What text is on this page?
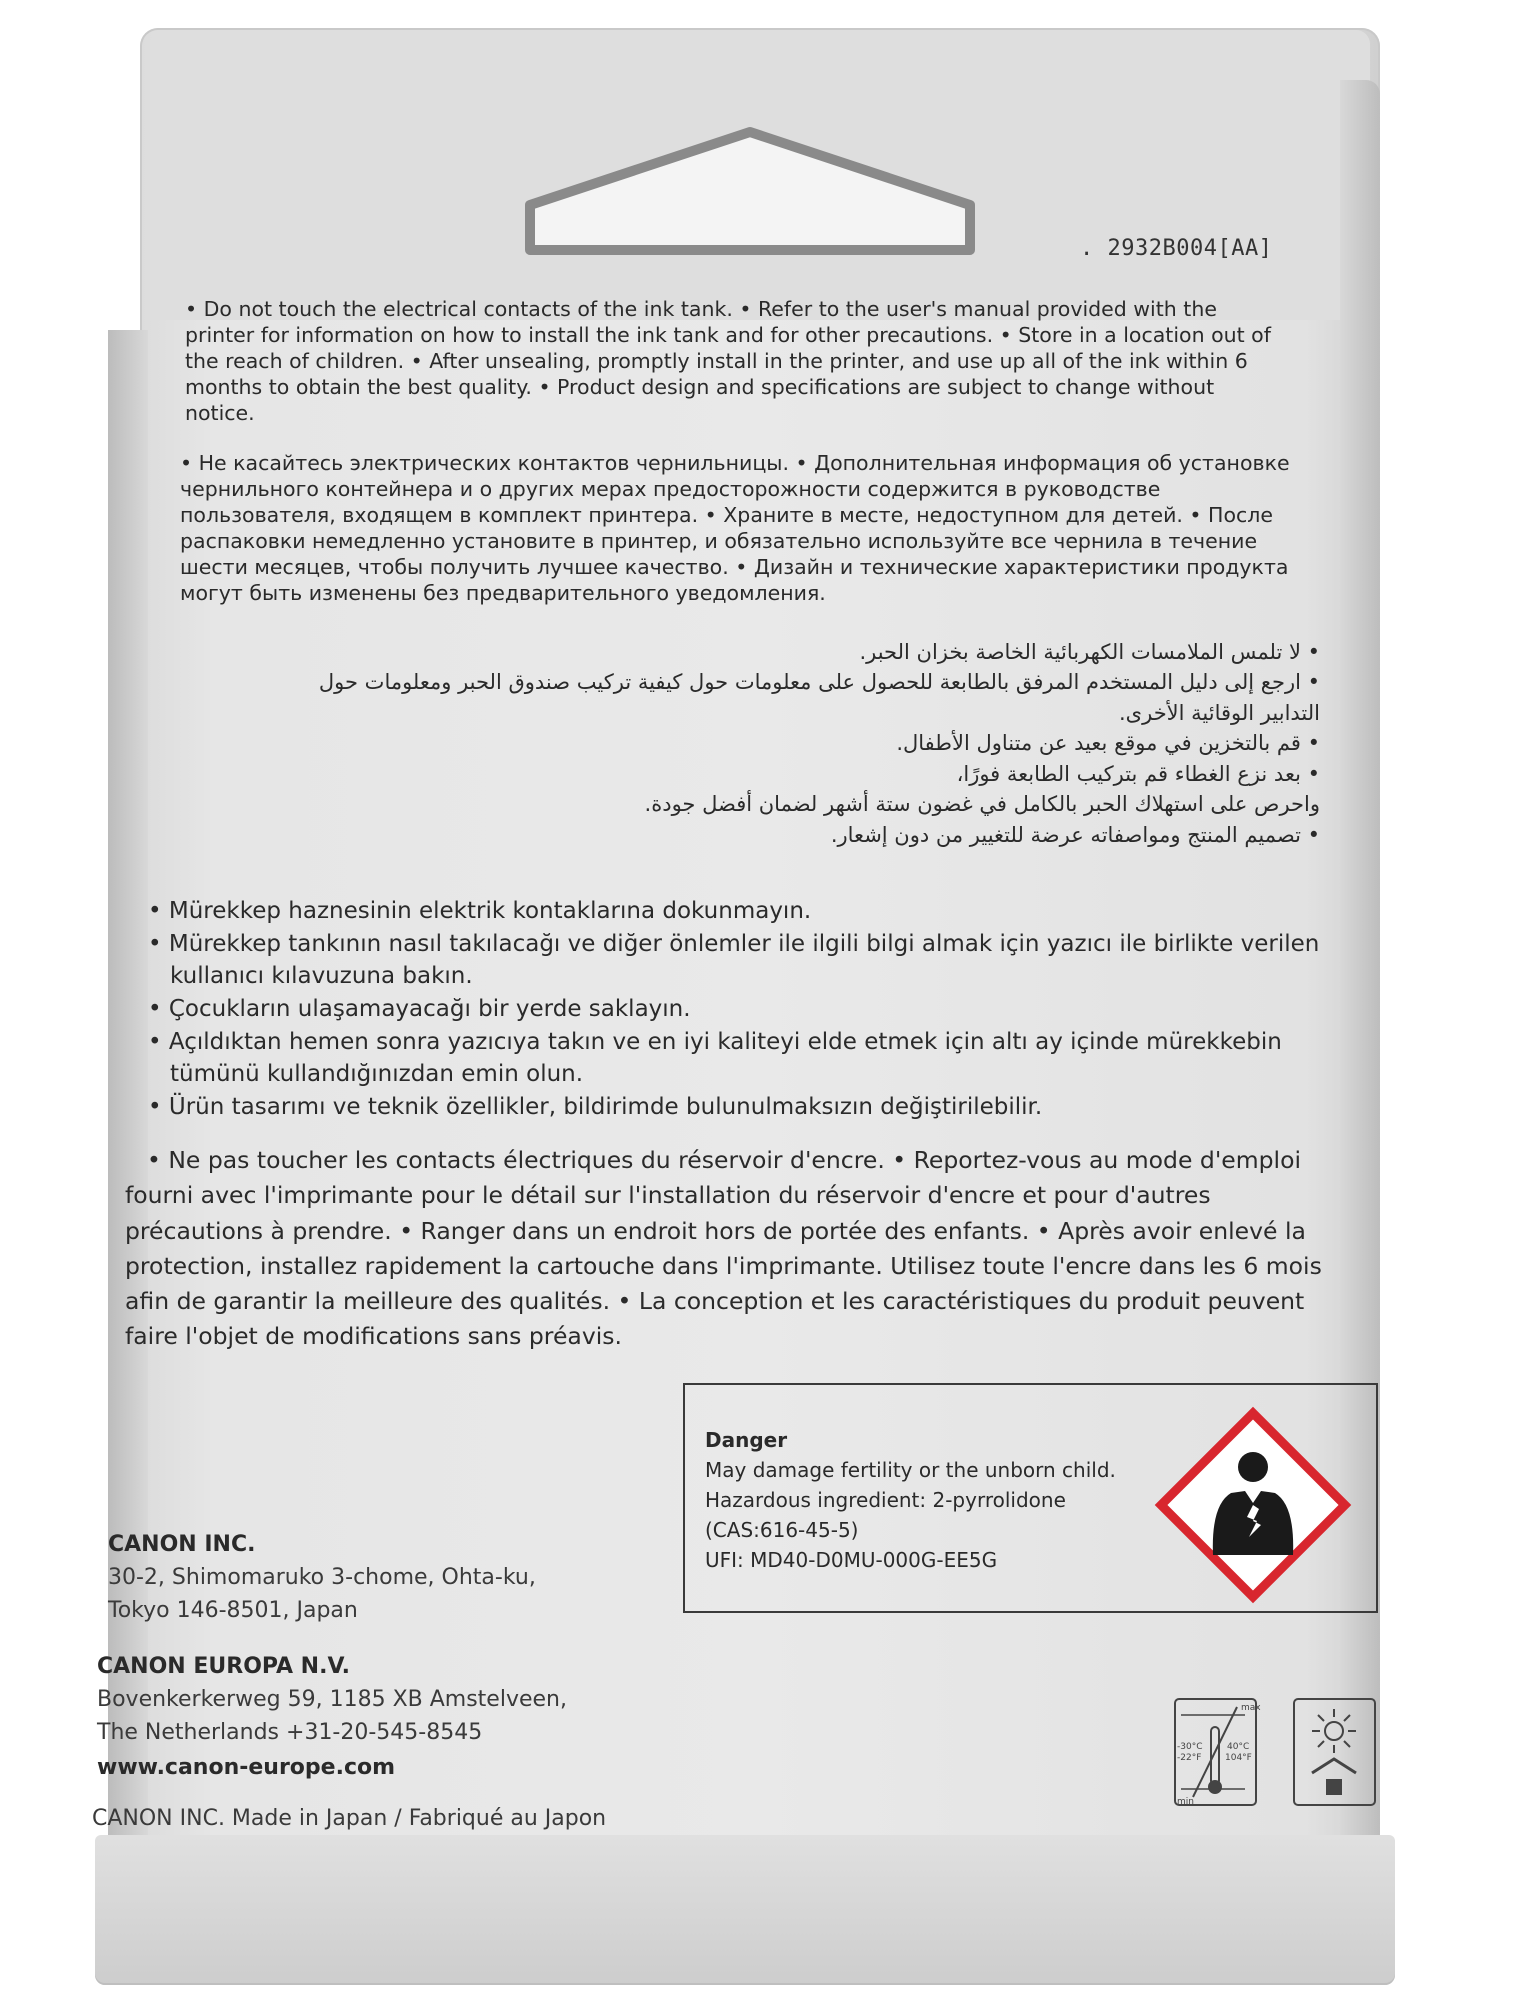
. 2932B004[AA]
• Do not touch the electrical contacts of the ink tank. • Refer to the user's manual provided with the printer for information on how to install the ink tank and for other precautions. • Store in a location out of the reach of children. • After unsealing, promptly install in the printer, and use up all of the ink within 6 months to obtain the best quality. • Product design and specifications are subject to change without notice.
• Не касайтесь электрических контактов чернильницы. • Дополнительная информация об установке чернильного контейнера и о других мерах предосторожности содержится в руководстве пользователя, входящем в комплект принтера. • Храните в месте, недоступном для детей. • После распаковки немедленно установите в принтер, и обязательно используйте все чернила в течение шести месяцев, чтобы получить лучшее качество. • Дизайн и технические характеристики продукта могут быть изменены без предварительного уведомления.
• لا تلمس الملامسات الكهربائية الخاصة بخزان الحبر.
• ارجع إلى دليل المستخدم المرفق بالطابعة للحصول على معلومات حول كيفية تركيب صندوق الحبر ومعلومات حول
التدابير الوقائية الأخرى.
• قم بالتخزين في موقع بعيد عن متناول الأطفال.
• بعد نزع الغطاء قم بتركيب الطابعة فورًا،
واحرص على استهلاك الحبر بالكامل في غضون ستة أشهر لضمان أفضل جودة.
• تصميم المنتج ومواصفاته عرضة للتغيير من دون إشعار.
• Mürekkep haznesinin elektrik kontaklarına dokunmayın.
• Mürekkep tankının nasıl takılacağı ve diğer önlemler ile ilgili bilgi almak için yazıcı ile birlikte verilen kullanıcı kılavuzuna bakın.
• Çocukların ulaşamayacağı bir yerde saklayın.
• Açıldıktan hemen sonra yazıcıya takın ve en iyi kaliteyi elde etmek için altı ay içinde mürekkebin tümünü kullandığınızdan emin olun.
• Ürün tasarımı ve teknik özellikler, bildirimde bulunulmaksızın değiştirilebilir.
• Ne pas toucher les contacts électriques du réservoir d'encre. • Reportez-vous au mode d'emploi fourni avec l'imprimante pour le détail sur l'installation du réservoir d'encre et pour d'autres précautions à prendre. • Ranger dans un endroit hors de portée des enfants. • Après avoir enlevé la protection, installez rapidement la cartouche dans l'imprimante. Utilisez toute l'encre dans les 6 mois afin de garantir la meilleure des qualités. • La conception et les caractéristiques du produit peuvent faire l'objet de modifications sans préavis.
Danger
May damage fertility or the unborn child.
Hazardous ingredient: 2-pyrrolidone
(CAS:616-45-5)
UFI: MD40-D0MU-000G-EE5G
CANON INC.
30-2, Shimomaruko 3-chome, Ohta-ku,
Tokyo 146-8501, Japan
CANON EUROPA N.V.
Bovenkerkerweg 59, 1185 XB Amstelveen,
The Netherlands +31-20-545-8545
www.canon-europe.com
CANON INC. Made in Japan / Fabriqué au Japon
max
min
-30°C
-22°F
40°C
104°F
